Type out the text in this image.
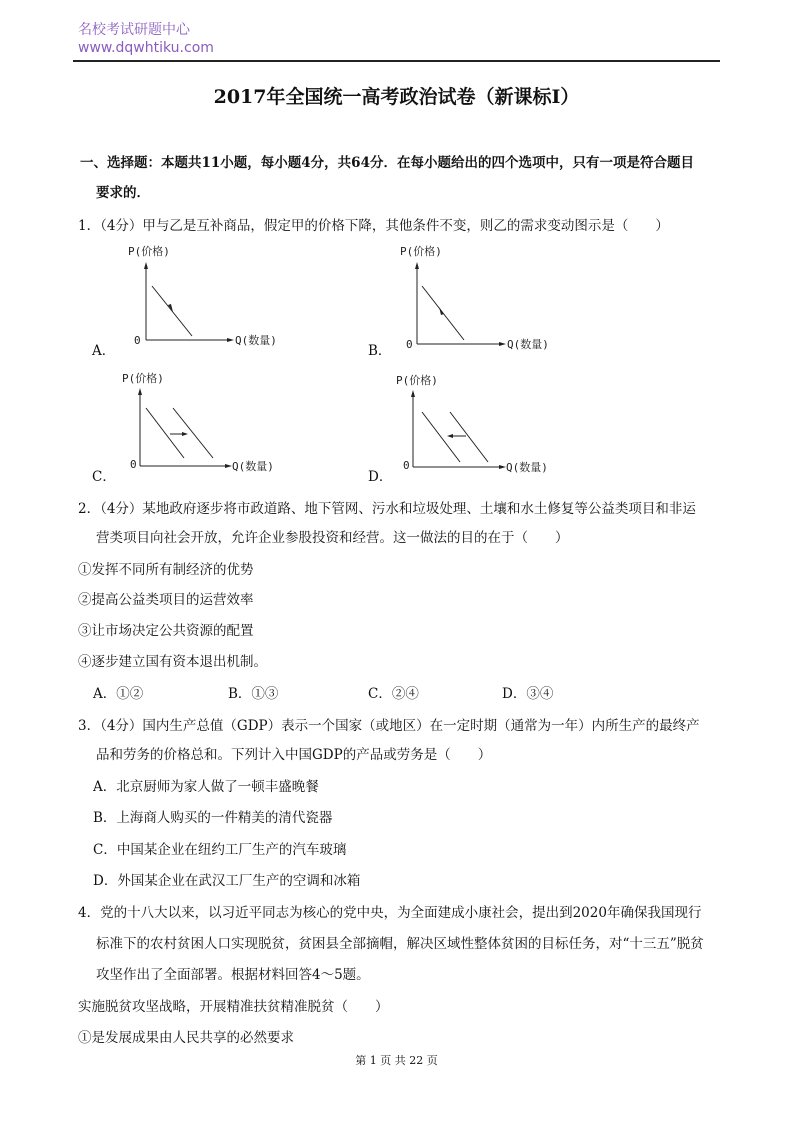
名校考试研题中心
www.dqwhtiku.com
2017年全国统一高考政治试卷（新课标Ⅰ）
一、选择题：本题共11小题，每小题4分，共64分．在每小题给出的四个选项中，只有一项是符合题目
要求的．
1．（4分）甲与乙是互补商品，假定甲的价格下降，其他条件不变，则乙的需求变动图示是（　　）
A．
P(价格)
0	Q(数量)
B．
P(价格)
0	Q(数量)
C．
P(价格)
0	Q(数量)
D．
P(价格)
0	Q(数量)
2．（4分）某地政府逐步将市政道路、地下管网、污水和垃圾处理、土壤和水土修复等公益类项目和非运
营类项目向社会开放，允许企业参股投资和经营。这一做法的目的在于（　　）
①发挥不同所有制经济的优势
②提高公益类项目的运营效率
③让市场决定公共资源的配置
④逐步建立国有资本退出机制。
A．①②	B．①③	C．②④	D．③④
3．（4分）国内生产总值（GDP）表示一个国家（或地区）在一定时期（通常为一年）内所生产的最终产
品和劳务的价格总和。下列计入中国GDP的产品或劳务是（　　）
A．北京厨师为家人做了一顿丰盛晚餐
B．上海商人购买的一件精美的清代瓷器
C．中国某企业在纽约工厂生产的汽车玻璃
D．外国某企业在武汉工厂生产的空调和冰箱
4．党的十八大以来，以习近平同志为核心的党中央，为全面建成小康社会，提出到2020年确保我国现行
标准下的农村贫困人口实现脱贫，贫困县全部摘帽，解决区域性整体贫困的目标任务，对“十三五”脱贫
攻坚作出了全面部署。根据材料回答4～5题。
实施脱贫攻坚战略，开展精准扶贫精准脱贫（　　）
①是发展成果由人民共享的必然要求
第 1 页 共 22 页
